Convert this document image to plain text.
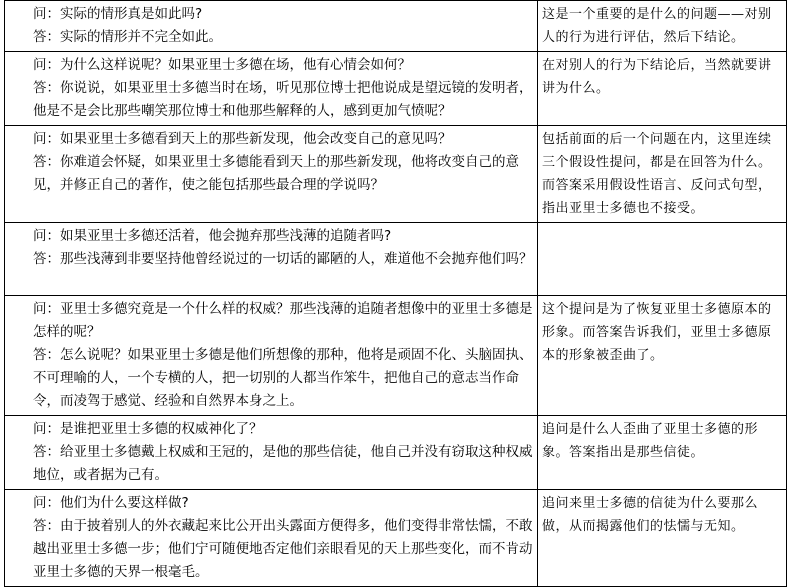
问：实际的情形真是如此吗?
答：实际的情形并不完全如此。	这是一个重要的是什么的问题——对别人的行为进行评估，然后下结论。

问：为什么这样说呢？如果亚里士多德在场，他有心情会如何？
答：你说说，如果亚里士多德当时在场，听见那位博士把他说成是望远镜的发明者，他是不是会比那些嘲笑那位博士和他那些解释的人，感到更加气愤呢？	在对别人的行为下结论后，当然就要讲讲为什么。

问：如果亚里士多德看到天上的那些新发现，他会改变自己的意见吗？
答：你难道会怀疑，如果亚里士多德能看到天上的那些新发现，他将改变自己的意见，并修正自己的著作，使之能包括那些最合理的学说吗？	包括前面的后一个问题在内，这里连续三个假设性提问，都是在回答为什么。而答案采用假设性语言、反问式句型，指出亚里士多德也不接受。

问：如果亚里士多德还活着，他会抛弃那些浅薄的追随者吗?
答：那些浅薄到非要坚持他曾经说过的一切话的鄙陋的人，难道他不会抛弃他们吗？	

问：亚里士多德究竟是一个什么样的权威？那些浅薄的追随者想像中的亚里士多德是怎样的呢？
答：怎么说呢？如果亚里士多德是他们所想像的那种，他将是顽固不化、头脑固执、不可理喻的人，一个专横的人，把一切别的人都当作笨牛，把他自己的意志当作命令，而凌驾于感觉、经验和自然界本身之上。	这个提问是为了恢复亚里士多德原本的形象。而答案告诉我们，亚里士多德原本的形象被歪曲了。

问：是谁把亚里士多德的权威神化了？
答：给亚里士多德戴上权威和王冠的，是他的那些信徒，他自己并没有窃取这种权威地位，或者据为己有。	追问是什么人歪曲了亚里士多德的形象。答案指出是那些信徒。

问：他们为什么要这样做?
答：由于披着别人的外衣藏起来比公开出头露面方便得多，他们变得非常怯懦，不敢越出亚里士多德一步；他们宁可随便地否定他们亲眼看见的天上那些变化，而不肯动亚里士多德的天界一根毫毛。	追问来里士多德的信徒为什么要那么做，从而揭露他们的怯懦与无知。
